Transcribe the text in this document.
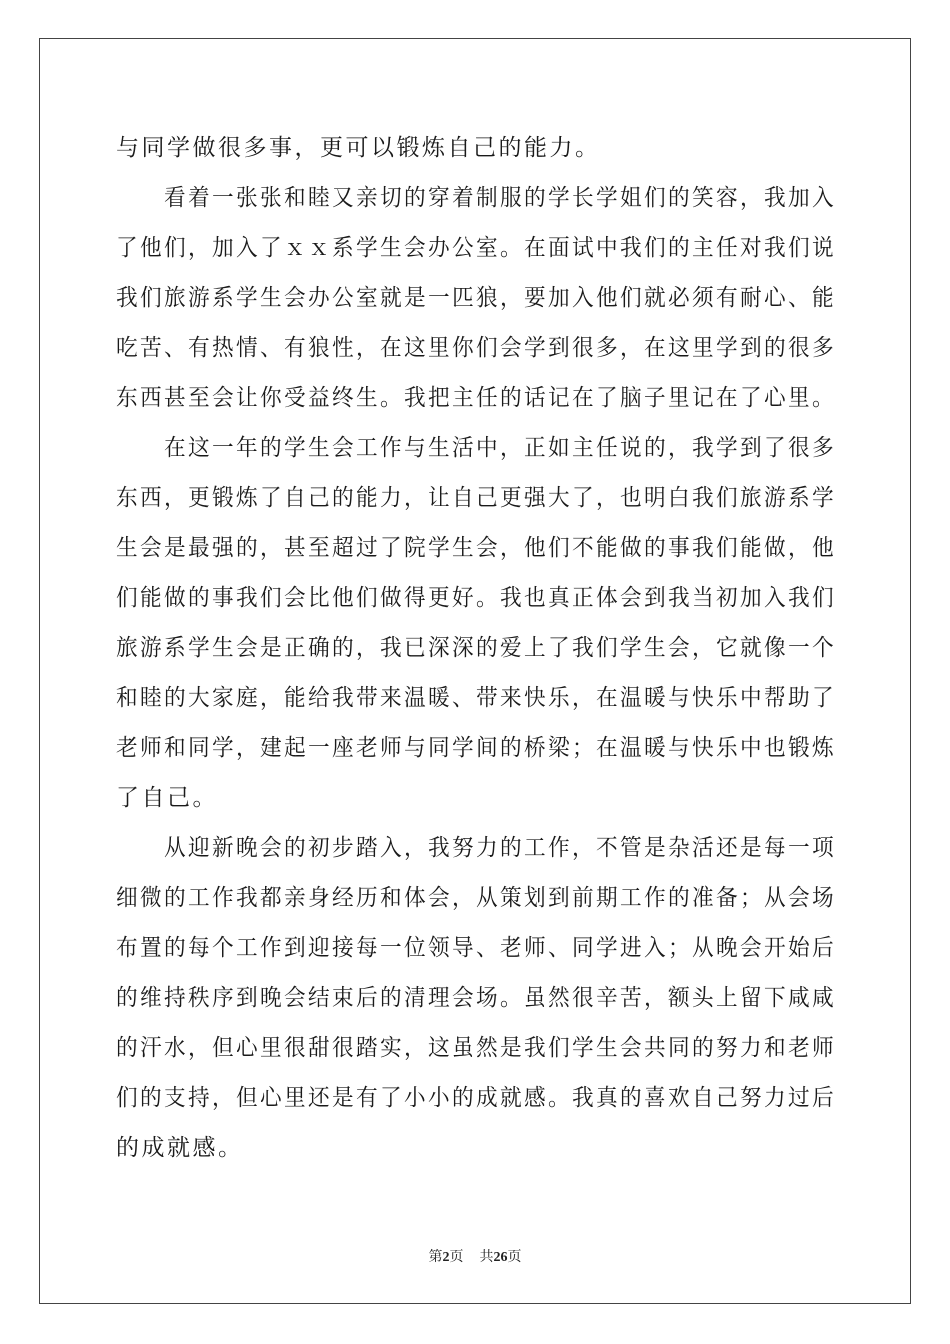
与同学做很多事，更可以锻炼自己的能力。
看着一张张和睦又亲切的穿着制服的学长学姐们的笑容，我加入
了他们，加入了ｘｘ系学生会办公室。在面试中我们的主任对我们说
我们旅游系学生会办公室就是一匹狼，要加入他们就必须有耐心、能
吃苦、有热情、有狼性，在这里你们会学到很多，在这里学到的很多
东西甚至会让你受益终生。我把主任的话记在了脑子里记在了心里。
在这一年的学生会工作与生活中，正如主任说的，我学到了很多
东西，更锻炼了自己的能力，让自己更强大了，也明白我们旅游系学
生会是最强的，甚至超过了院学生会，他们不能做的事我们能做，他
们能做的事我们会比他们做得更好。我也真正体会到我当初加入我们
旅游系学生会是正确的，我已深深的爱上了我们学生会，它就像一个
和睦的大家庭，能给我带来温暖、带来快乐，在温暖与快乐中帮助了
老师和同学，建起一座老师与同学间的桥梁；在温暖与快乐中也锻炼
了自己。
从迎新晚会的初步踏入，我努力的工作，不管是杂活还是每一项
细微的工作我都亲身经历和体会，从策划到前期工作的准备；从会场
布置的每个工作到迎接每一位领导、老师、同学进入；从晚会开始后
的维持秩序到晚会结束后的清理会场。虽然很辛苦，额头上留下咸咸
的汗水，但心里很甜很踏实，这虽然是我们学生会共同的努力和老师
们的支持，但心里还是有了小小的成就感。我真的喜欢自己努力过后
的成就感。
第2页 共26页
